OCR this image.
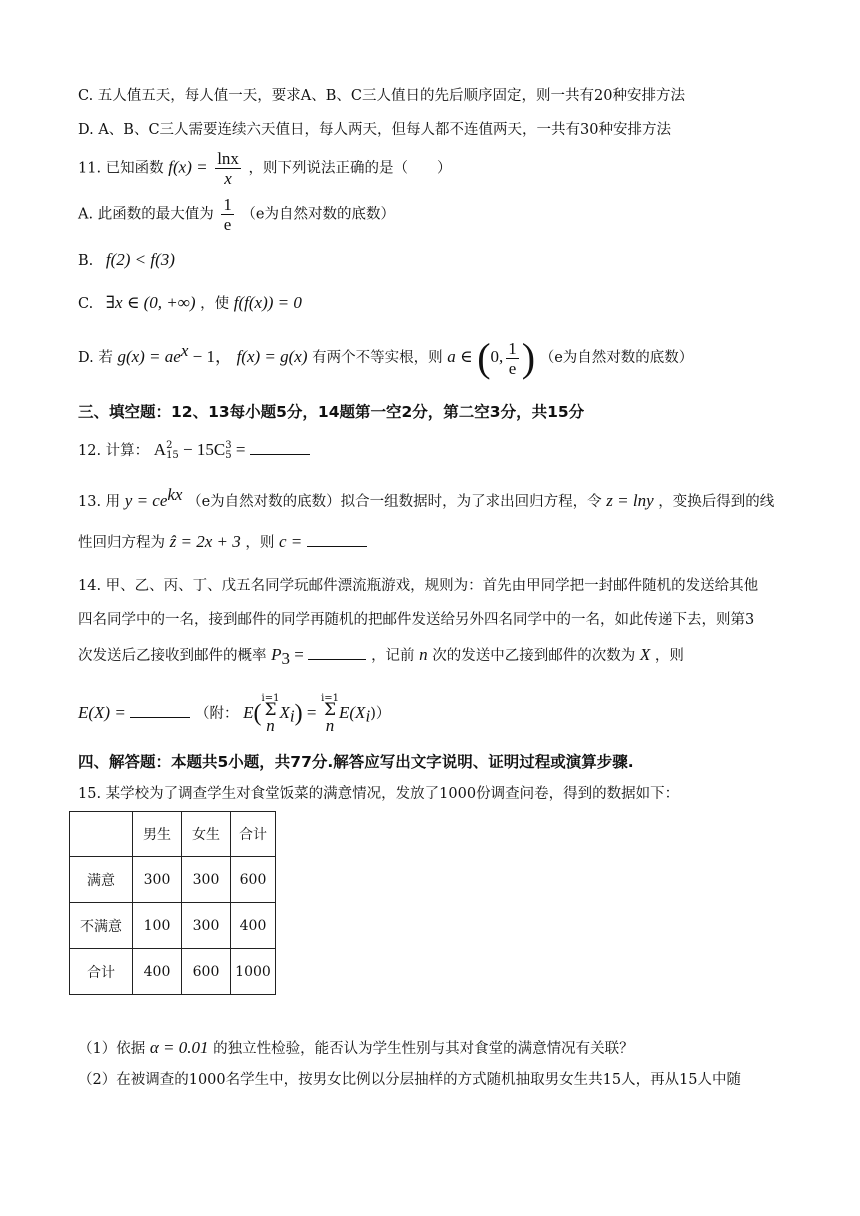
C. 五人值五天，每人值一天，要求A、B、C三人值日的先后顺序固定，则一共有20种安排方法
D. A、B、C三人需要连续六天值日，每人两天，但每人都不连值两天，一共有30种安排方法
11. 已知函数 $f(x) = \frac{\ln x}{x}$ ，则下列说法正确的是（　　）
A. 此函数的最大值为 $\frac{1}{e} (e$为自然对数的底数）
B. f(2) < f(3)
C. ∃x ∈ (0, +∞) ，使 f(f(x)) = 0
D. 若 $g(x) = ae^x - 1$， f(x) = g(x) 有两个不等实根，则 a ∈ (0, $\frac{1}{e}$ ) （e为自然对数的底数）
三、填空题：12、13每小题5分，14题第一空2分，第二空3分，共15分
12. 计算： A 2
15 − 15C 3
5 =
13. 用 $y = ce^{kx}$ （e为自然对数的底数）拟合一组数据时，为了求出回归方程，令 z = lny ，变换后得到的线
性回归方程为 ẑ = 2x + 3 ，则 c =
14. 甲、乙、丙、丁、戊五名同学玩邮件漂流瓶游戏，规则为：首先由甲同学把一封邮件随机的发送给其他
四名同学中的一名，接到邮件的同学再随机的把邮件发送给另外四名同学中的一名，如此传递下去，则第3
次发送后乙接收到邮件的概率 $P_3$ =	，记前 n 次的发送中乙接到邮件的次数为 X ，则
E(X) =	（附： E(
i=1
Σ
n
$X_i$) =
i=1
Σ
n
$E(X_i)$）
四、解答题：本题共5小题，共77分.解答应写出文字说明、证明过程或演算步骤.
15. 某学校为了调查学生对食堂饭菜的满意情况，发放了1000份调查问卷，得到的数据如下：
	男生	女生	合计
满意	300	300	600
不满意	100	300	400
合计	400	600	1000
（1）依据 α = 0.01 的独立性检验，能否认为学生性别与其对食堂的满意情况有关联？
（2）在被调查的1000名学生中，按男女比例以分层抽样的方式随机抽取男女生共15人，再从15人中随
